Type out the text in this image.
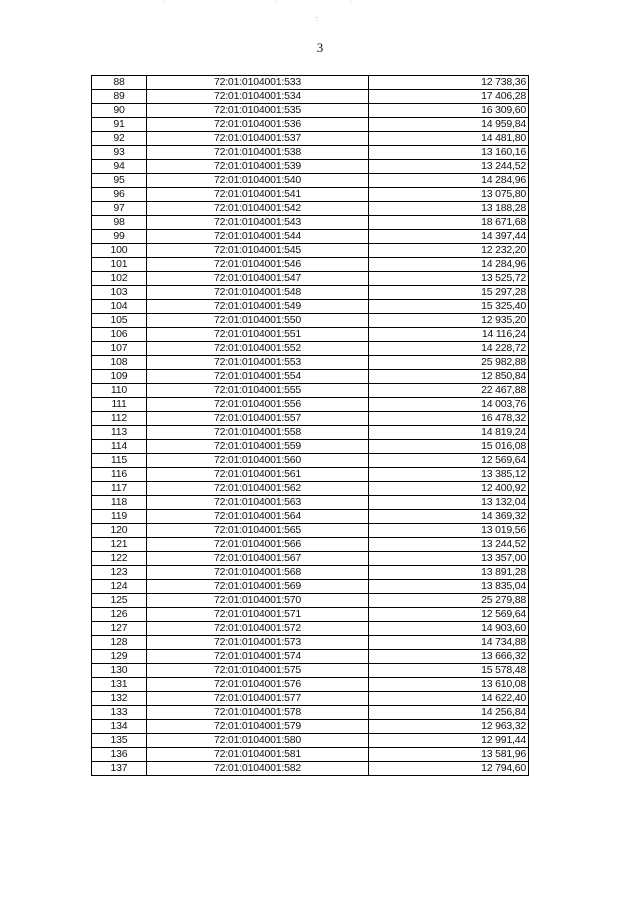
˙	˙	˙
:
3
88	72:01:0104001:533	12 738,36
89	72:01:0104001:534	17 406,28
90	72:01:0104001:535	16 309,60
91	72:01:0104001:536	14 959,84
92	72:01:0104001:537	14 481,80
93	72:01:0104001:538	13 160,16
94	72:01:0104001:539	13 244,52
95	72:01:0104001:540	14 284,96
96	72:01:0104001:541	13 075,80
97	72:01:0104001:542	13 188,28
98	72:01:0104001:543	18 671,68
99	72:01:0104001:544	14 397,44
100	72:01:0104001:545	12 232,20
101	72:01:0104001:546	14 284,96
102	72:01:0104001:547	13 525,72
103	72:01:0104001:548	15 297,28
104	72:01:0104001:549	15 325,40
105	72:01:0104001:550	12 935,20
106	72:01:0104001:551	14 116,24
107	72:01:0104001:552	14 228,72
108	72:01:0104001:553	25 982,88
109	72:01:0104001:554	12 850,84
110	72:01:0104001:555	22 467,88
111	72:01:0104001:556	14 003,76
112	72:01:0104001:557	16 478,32
113	72:01:0104001:558	14 819,24
114	72:01:0104001:559	15 016,08
115	72:01:0104001:560	12 569,64
116	72:01:0104001:561	13 385,12
117	72:01:0104001:562	12 400,92
118	72:01:0104001:563	13 132,04
119	72:01:0104001:564	14 369,32
120	72:01:0104001:565	13 019,56
121	72:01:0104001:566	13 244,52
122	72:01:0104001:567	13 357,00
123	72:01:0104001:568	13 891,28
124	72:01:0104001:569	13 835,04
125	72:01:0104001:570	25 279,88
126	72:01:0104001:571	12 569,64
127	72:01:0104001:572	14 903,60
128	72:01:0104001:573	14 734,88
129	72:01:0104001:574	13 666,32
130	72:01:0104001:575	15 578,48
131	72:01:0104001:576	13 610,08
132	72:01:0104001:577	14 622,40
133	72:01:0104001:578	14 256,84
134	72:01:0104001:579	12 963,32
135	72:01:0104001:580	12 991,44
136	72:01:0104001:581	13 581,96
137	72:01:0104001:582	12 794,60
